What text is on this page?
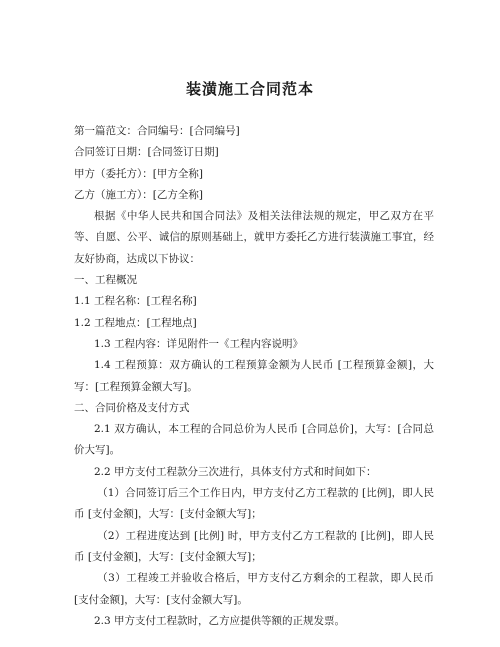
装潢施工合同范本

第一篇范文：合同编号：[合同编号]

合同签订日期：[合同签订日期]

甲方（委托方）：[甲方全称]

乙方（施工方）：[乙方全称]

根据《中华人民共和国合同法》及相关法律法规的规定，甲乙双方在平等、自愿、公平、诚信的原则基础上，就甲方委托乙方进行装潢施工事宜，经友好协商，达成以下协议：

一、工程概况

1.1 工程名称：[工程名称]

1.2 工程地点：[工程地点]

1.3 工程内容：详见附件一《工程内容说明》

1.4 工程预算：双方确认的工程预算金额为人民币 [工程预算金额]，大写：[工程预算金额大写]。

二、合同价格及支付方式

2.1 双方确认，本工程的合同总价为人民币 [合同总价]，大写：[合同总价大写]。

2.2 甲方支付工程款分三次进行，具体支付方式和时间如下：

（1）合同签订后三个工作日内，甲方支付乙方工程款的 [比例]，即人民币 [支付金额]，大写：[支付金额大写]；

（2）工程进度达到 [比例] 时，甲方支付乙方工程款的 [比例]，即人民币 [支付金额]，大写：[支付金额大写]；

（3）工程竣工并验收合格后，甲方支付乙方剩余的工程款，即人民币 [支付金额]，大写：[支付金额大写]。

2.3 甲方支付工程款时，乙方应提供等额的正规发票。
